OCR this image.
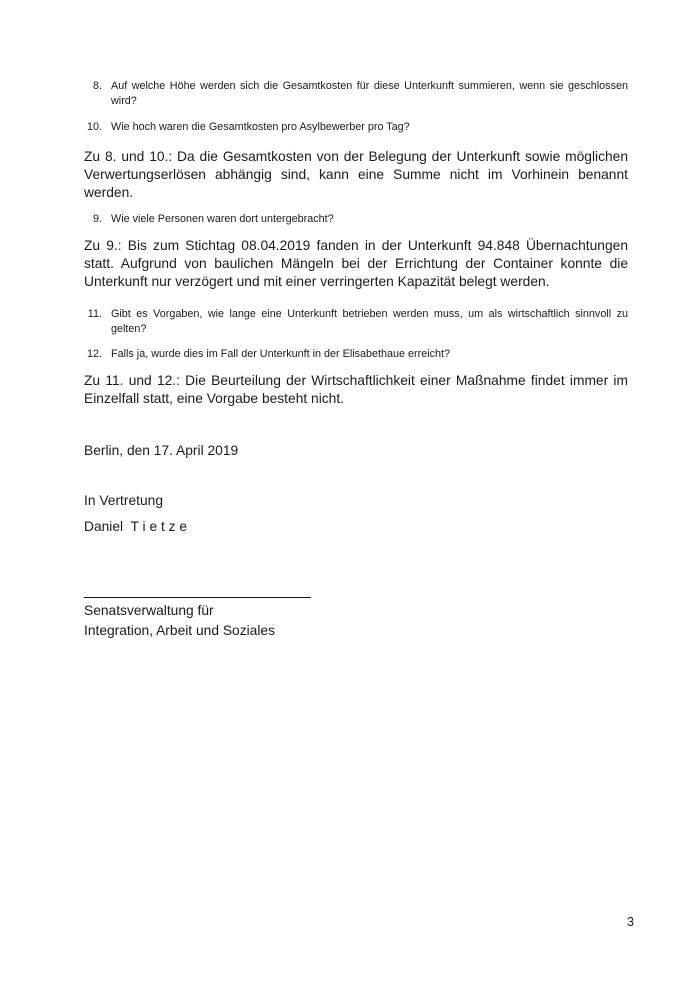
8. Auf welche Höhe werden sich die Gesamtkosten für diese Unterkunft summieren, wenn sie geschlossen wird?

10. Wie hoch waren die Gesamtkosten pro Asylbewerber pro Tag?

Zu 8. und 10.: Da die Gesamtkosten von der Belegung der Unterkunft sowie möglichen Verwertungserlösen abhängig sind, kann eine Summe nicht im Vorhinein benannt werden.

9. Wie viele Personen waren dort untergebracht?

Zu 9.: Bis zum Stichtag 08.04.2019 fanden in der Unterkunft 94.848 Übernachtungen statt. Aufgrund von baulichen Mängeln bei der Errichtung der Container konnte die Unterkunft nur verzögert und mit einer verringerten Kapazität belegt werden.

11. Gibt es Vorgaben, wie lange eine Unterkunft betrieben werden muss, um als wirtschaftlich sinnvoll zu gelten?

12. Falls ja, wurde dies im Fall der Unterkunft in der Elisabethaue erreicht?

Zu 11. und 12.: Die Beurteilung der Wirtschaftlichkeit einer Maßnahme findet immer im Einzelfall statt, eine Vorgabe besteht nicht.

Berlin, den 17. April 2019

In Vertretung

Daniel  T i e t z e

Senatsverwaltung für

Integration, Arbeit und Soziales

3
